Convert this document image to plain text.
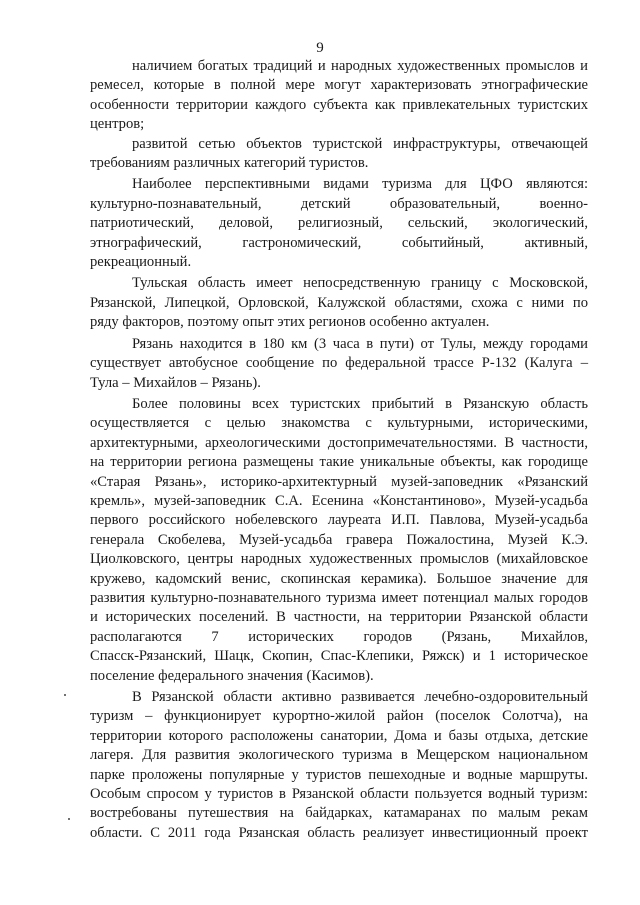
9
наличием богатых традиций и народных художественных промыслов и
ремесел, которые в полной мере могут характеризовать этнографические
особенности территории каждого субъекта как привлекательных туристских
центров;
развитой сетью объектов туристской инфраструктуры, отвечающей
требованиям различных категорий туристов.
Наиболее перспективными видами туризма для ЦФО являются:
культурно-познавательный, детский образовательный, военно-
патриотический, деловой, религиозный, сельский, экологический,
этнографический, гастрономический, событийный, активный,
рекреационный.
Тульская область имеет непосредственную границу с Московской,
Рязанской, Липецкой, Орловской, Калужской областями, схожа с ними по
ряду факторов, поэтому опыт этих регионов особенно актуален.
Рязань находится в 180 км (3 часа в пути) от Тулы, между городами
существует автобусное сообщение по федеральной трассе Р-132 (Калуга –
Тула – Михайлов – Рязань).
Более половины всех туристских прибытий в Рязанскую область
осуществляется с целью знакомства с культурными, историческими,
архитектурными, археологическими достопримечательностями. В частности,
на территории региона размещены такие уникальные объекты, как городище
«Старая Рязань», историко-архитектурный музей-заповедник «Рязанский
кремль», музей-заповедник С.А. Есенина «Константиново», Музей-усадьба
первого российского нобелевского лауреата И.П. Павлова, Музей-усадьба
генерала Скобелева, Музей-усадьба гравера Пожалостина, Музей К.Э.
Циолковского, центры народных художественных промыслов (михайловское
кружево, кадомский венис, скопинская керамика). Большое значение для
развития культурно-познавательного туризма имеет потенциал малых городов
и исторических поселений. В частности, на территории Рязанской области
располагаются 7 исторических городов (Рязань, Михайлов,
Спасск-Рязанский, Шацк, Скопин, Спас-Клепики, Ряжск) и 1 историческое
поселение федерального значения (Касимов).
В Рязанской области активно развивается лечебно-оздоровительный
туризм – функционирует курортно-жилой район (поселок Солотча), на
территории которого расположены санатории, Дома и базы отдыха, детские
лагеря. Для развития экологического туризма в Мещерском национальном
парке проложены популярные у туристов пешеходные и водные маршруты.
Особым спросом у туристов в Рязанской области пользуется водный туризм:
востребованы путешествия на байдарках, катамаранах по малым рекам
области. С 2011 года Рязанская область реализует инвестиционный проект
